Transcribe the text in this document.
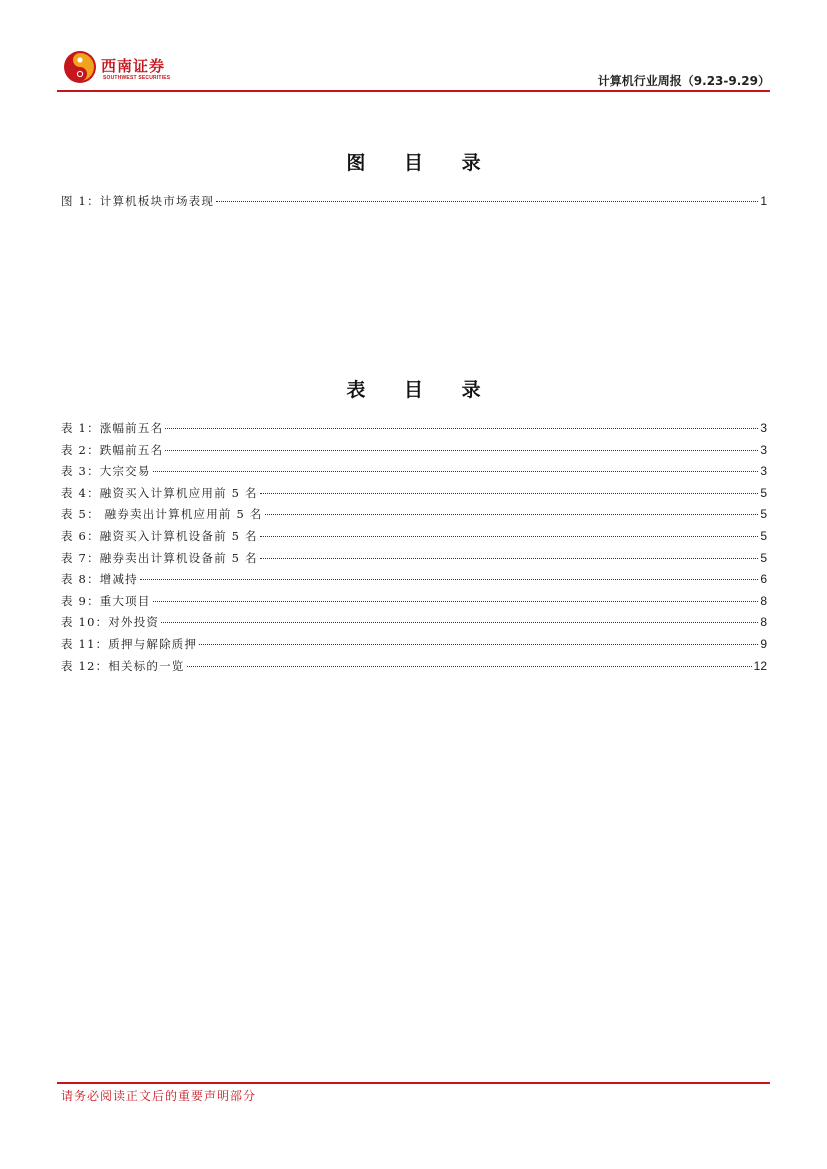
西南证券
SOUTHWEST SECURITIES	计算机行业周报（9.23-9.29）
图 目 录
图 1：计算机板块市场表现	1
表 目 录
表 1：涨幅前五名	3
表 2：跌幅前五名	3
表 3：大宗交易	3
表 4：融资买入计算机应用前 5 名	5
表 5： 融券卖出计算机应用前 5 名	5
表 6：融资买入计算机设备前 5 名	5
表 7：融券卖出计算机设备前 5 名	5
表 8：增减持	6
表 9：重大项目	8
表 10：对外投资	8
表 11：质押与解除质押	9
表 12：相关标的一览	12
请务必阅读正文后的重要声明部分
